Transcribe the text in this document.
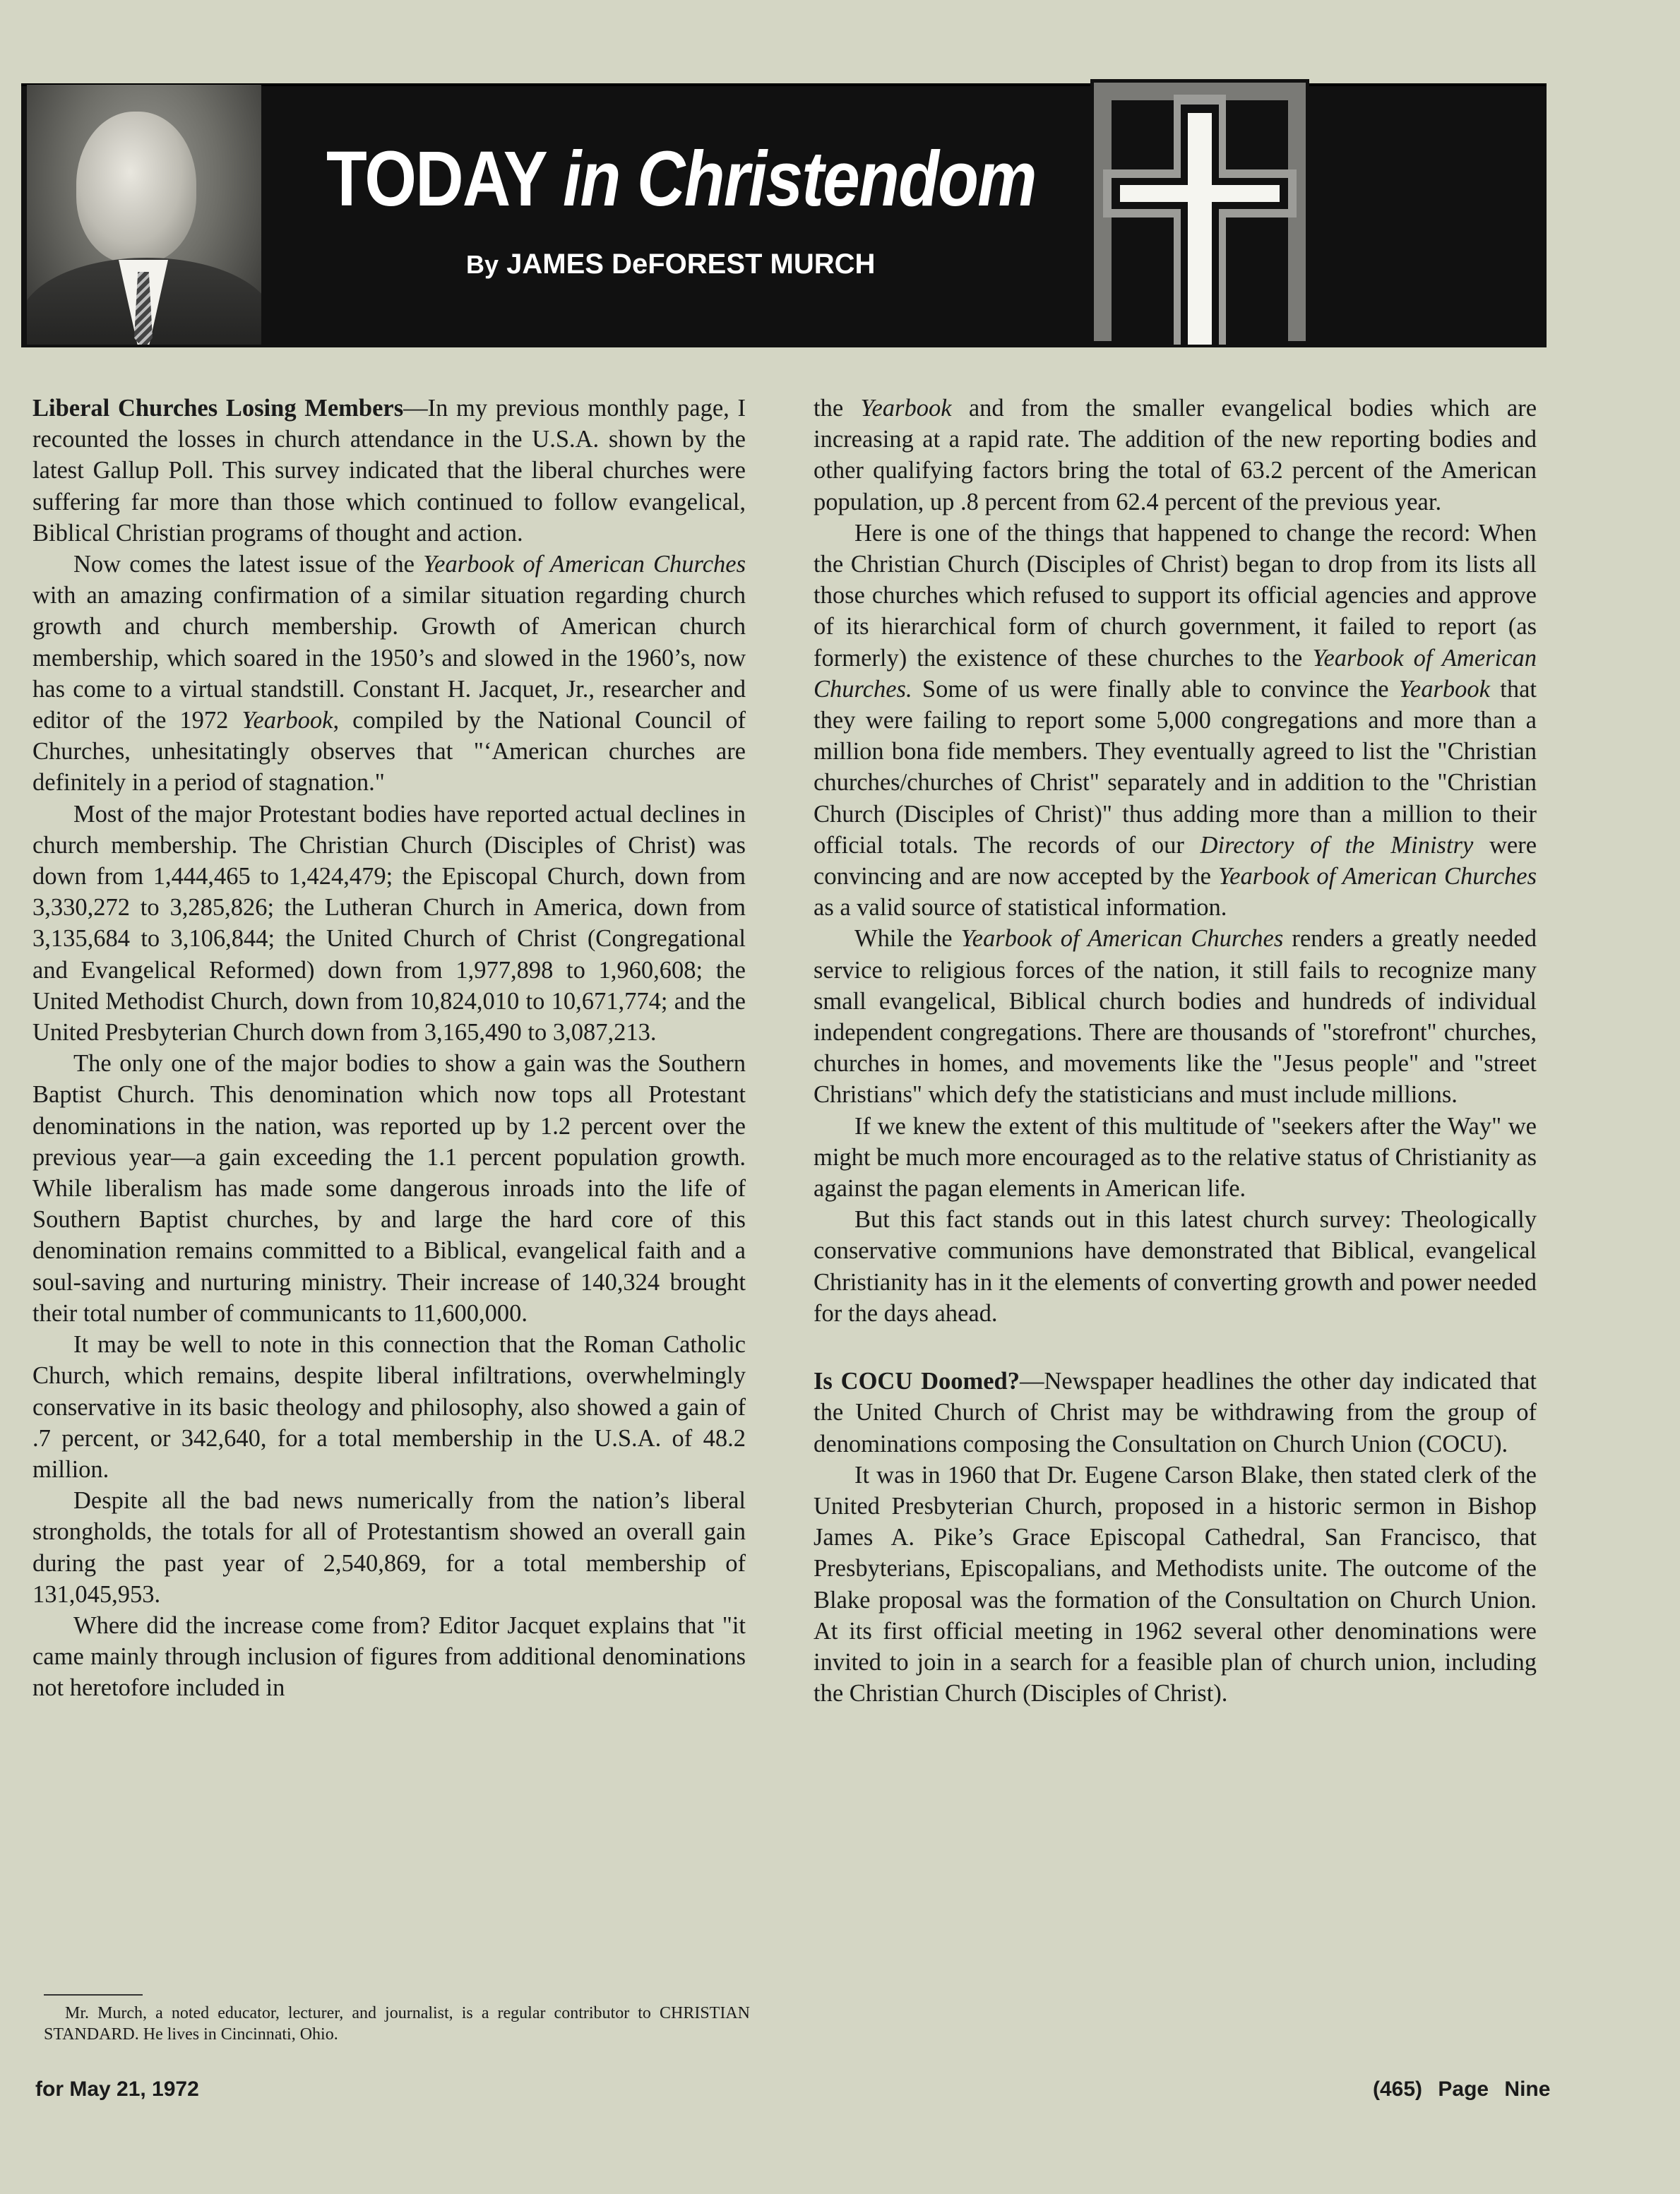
TODAY in Christendom
By JAMES DeFOREST MURCH

Liberal Churches Losing Members—In my previous monthly page, I recounted the losses in church attendance in the U.S.A. shown by the latest Gallup Poll. This survey indicated that the liberal churches were suffering far more than those which continued to follow evangelical, Biblical Christian programs of thought and action.

Now comes the latest issue of the Yearbook of American Churches with an amazing confirmation of a similar situation regarding church growth and church membership. Growth of American church membership, which soared in the 1950’s and slowed in the 1960’s, now has come to a virtual standstill. Constant H. Jacquet, Jr., researcher and editor of the 1972 Yearbook, compiled by the National Council of Churches, unhesitatingly observes that "‘American churches are definitely in a period of stagnation."

Most of the major Protestant bodies have reported actual declines in church membership. The Christian Church (Disciples of Christ) was down from 1,444,465 to 1,424,479; the Episcopal Church, down from 3,330,272 to 3,285,826; the Lutheran Church in America, down from 3,135,684 to 3,106,844; the United Church of Christ (Congregational and Evangelical Reformed) down from 1,977,898 to 1,960,608; the United Methodist Church, down from 10,824,010 to 10,671,774; and the United Presbyterian Church down from 3,165,490 to 3,087,213.

The only one of the major bodies to show a gain was the Southern Baptist Church. This denomination which now tops all Protestant denominations in the nation, was reported up by 1.2 percent over the previous year—a gain exceeding the 1.1 percent population growth. While liberalism has made some dangerous inroads into the life of Southern Baptist churches, by and large the hard core of this denomination remains committed to a Biblical, evangelical faith and a soul-saving and nurturing ministry. Their increase of 140,324 brought their total number of communicants to 11,600,000.

It may be well to note in this connection that the Roman Catholic Church, which remains, despite liberal infiltrations, overwhelmingly conservative in its basic theology and philosophy, also showed a gain of .7 percent, or 342,640, for a total membership in the U.S.A. of 48.2 million.

Despite all the bad news numerically from the nation’s liberal strongholds, the totals for all of Protestantism showed an overall gain during the past year of 2,540,869, for a total membership of 131,045,953.

Where did the increase come from? Editor Jacquet explains that "it came mainly through inclusion of figures from additional denominations not heretofore included in

Mr. Murch, a noted educator, lecturer, and journalist, is a regular contributor to CHRISTIAN STANDARD. He lives in Cincinnati, Ohio.

the Yearbook and from the smaller evangelical bodies which are increasing at a rapid rate. The addition of the new reporting bodies and other qualifying factors bring the total of 63.2 percent of the American population, up .8 percent from 62.4 percent of the previous year.

Here is one of the things that happened to change the record: When the Christian Church (Disciples of Christ) began to drop from its lists all those churches which refused to support its official agencies and approve of its hierarchical form of church government, it failed to report (as formerly) the existence of these churches to the Yearbook of American Churches. Some of us were finally able to convince the Yearbook that they were failing to report some 5,000 congregations and more than a million bona fide members. They eventually agreed to list the "Christian churches/churches of Christ" separately and in addition to the "Christian Church (Disciples of Christ)" thus adding more than a million to their official totals. The records of our Directory of the Ministry were convincing and are now accepted by the Yearbook of American Churches as a valid source of statistical information.

While the Yearbook of American Churches renders a greatly needed service to religious forces of the nation, it still fails to recognize many small evangelical, Biblical church bodies and hundreds of individual independent congregations. There are thousands of "storefront" churches, churches in homes, and movements like the "Jesus people" and "street Christians" which defy the statisticians and must include millions.

If we knew the extent of this multitude of "seekers after the Way" we might be much more encouraged as to the relative status of Christianity as against the pagan elements in American life.

But this fact stands out in this latest church survey: Theologically conservative communions have demonstrated that Biblical, evangelical Christianity has in it the elements of converting growth and power needed for the days ahead.

Is COCU Doomed?—Newspaper headlines the other day indicated that the United Church of Christ may be withdrawing from the group of denominations composing the Consultation on Church Union (COCU).

It was in 1960 that Dr. Eugene Carson Blake, then stated clerk of the United Presbyterian Church, proposed in a historic sermon in Bishop James A. Pike’s Grace Episcopal Cathedral, San Francisco, that Presbyterians, Episcopalians, and Methodists unite. The outcome of the Blake proposal was the formation of the Consultation on Church Union. At its first official meeting in 1962 several other denominations were invited to join in a search for a feasible plan of church union, including the Christian Church (Disciples of Christ).

for May 21, 1972	(465) Page Nine
